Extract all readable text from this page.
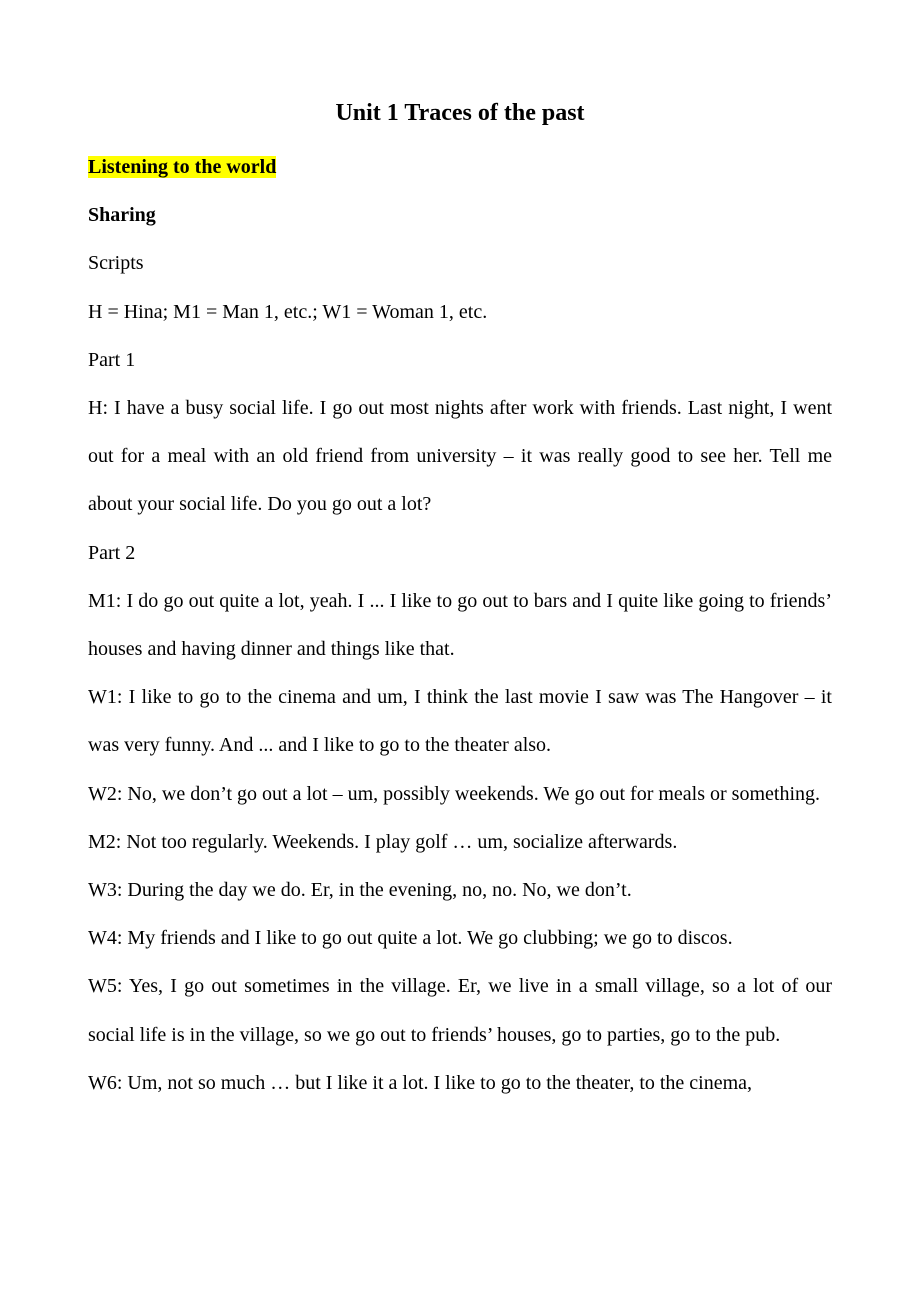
Unit 1 Traces of the past

Listening to the world

Sharing

Scripts

H = Hina; M1 = Man 1, etc.; W1 = Woman 1, etc.

Part 1

H: I have a busy social life. I go out most nights after work with friends. Last night, I went out for a meal with an old friend from university – it was really good to see her. Tell me about your social life. Do you go out a lot?

Part 2

M1: I do go out quite a lot, yeah. I ... I like to go out to bars and I quite like going to friends’ houses and having dinner and things like that.

W1: I like to go to the cinema and um, I think the last movie I saw was The Hangover – it was very funny. And ... and I like to go to the theater also.

W2: No, we don’t go out a lot – um, possibly weekends. We go out for meals or something.

M2: Not too regularly. Weekends. I play golf … um, socialize afterwards.

W3: During the day we do. Er, in the evening, no, no. No, we don’t.

W4: My friends and I like to go out quite a lot. We go clubbing; we go to discos.

W5: Yes, I go out sometimes in the village. Er, we live in a small village, so a lot of our social life is in the village, so we go out to friends’ houses, go to parties, go to the pub.

W6: Um, not so much … but I like it a lot. I like to go to the theater, to the cinema,
